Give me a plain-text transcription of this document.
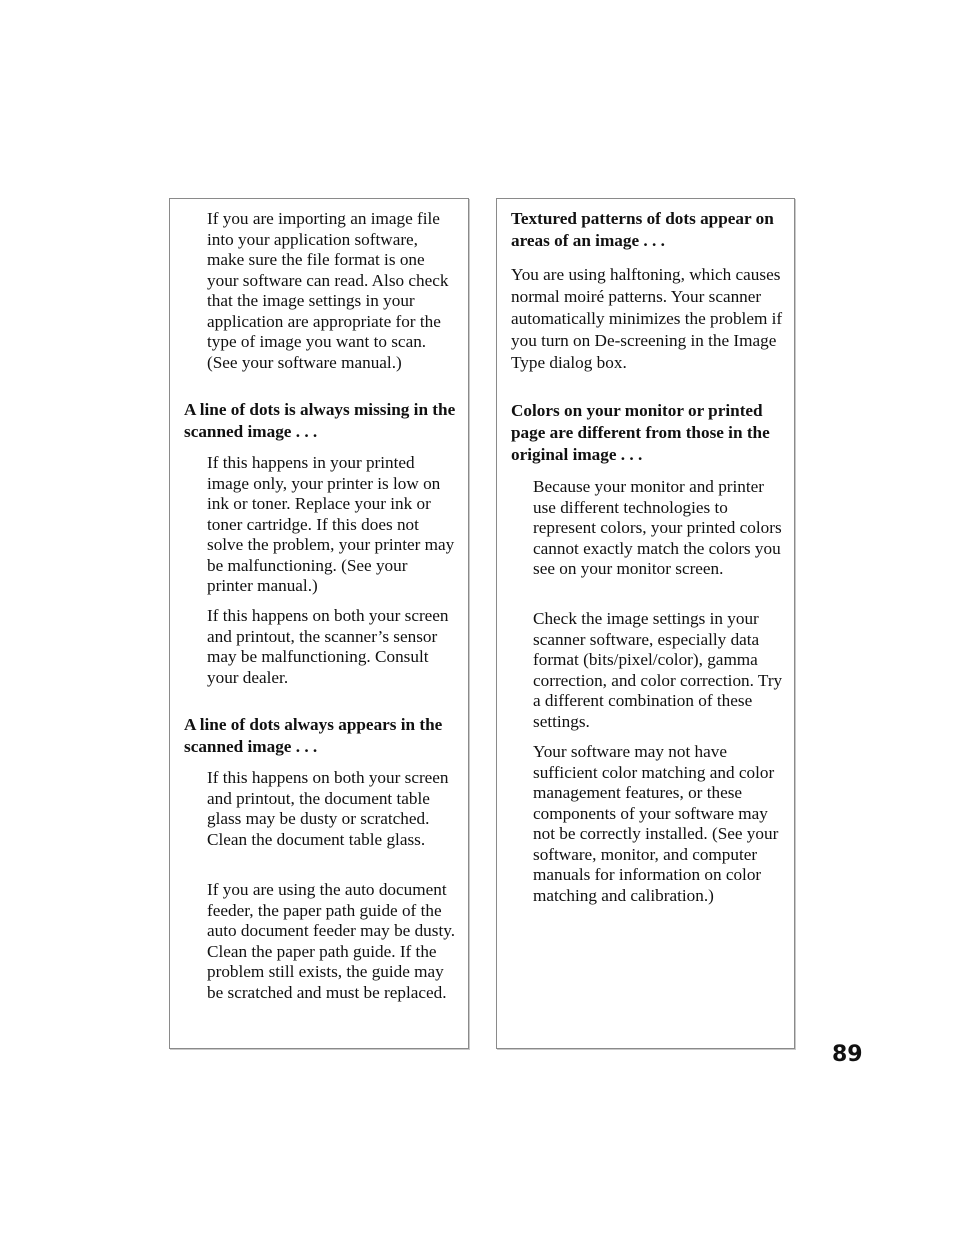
If you are importing an image file into your application software, make sure the file format is one your software can read. Also check that the image settings in your application are appropriate for the type of image you want to scan. (See your software manual.)

A line of dots is always missing in the scanned image . . .

If this happens in your printed image only, your printer is low on ink or toner. Replace your ink or toner cartridge. If this does not solve the problem, your printer may be malfunctioning. (See your printer manual.)

If this happens on both your screen and printout, the scanner’s sensor may be malfunctioning. Consult your dealer.

A line of dots always appears in the scanned image . . .

If this happens on both your screen and printout, the document table glass may be dusty or scratched. Clean the document table glass.

If you are using the auto document feeder, the paper path guide of the auto document feeder may be dusty. Clean the paper path guide. If the problem still exists, the guide may be scratched and must be replaced.

Textured patterns of dots appear on areas of an image . . .

You are using halftoning, which causes normal moiré patterns. Your scanner automatically minimizes the problem if you turn on De-screening in the Image Type dialog box.

Colors on your monitor or printed page are different from those in the original image . . .

Because your monitor and printer use different technologies to represent colors, your printed colors cannot exactly match the colors you see on your monitor screen.

Check the image settings in your scanner software, especially data format (bits/pixel/color), gamma correction, and color correction. Try a different combination of these settings.

Your software may not have sufficient color matching and color management features, or these components of your software may not be correctly installed. (See your software, monitor, and computer manuals for information on color matching and calibration.)

89
